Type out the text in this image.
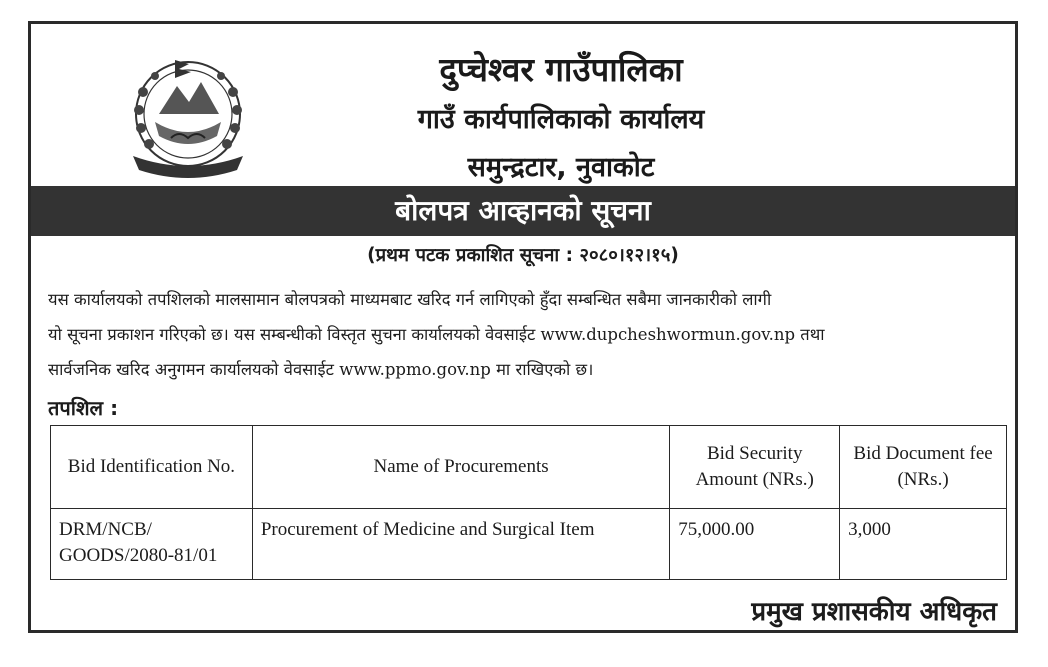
दुप्चेश्वर गाउँपालिका
गाउँ कार्यपालिकाको कार्यालय
समुन्द्रटार, नुवाकोट
बोलपत्र आव्हानको सूचना
(प्रथम पटक प्रकाशित सूचना : २०८०।१२।१५)
यस कार्यालयको तपशिलको मालसामान बोलपत्रको माध्यमबाट खरिद गर्न लागिएको हुँदा सम्बन्धित सबैमा जानकारीको लागी
यो सूचना प्रकाशन गरिएको छ। यस सम्बन्धीको विस्तृत सुचना कार्यालयको वेवसाईट www.dupcheshwormun.gov.np तथा
सार्वजनिक खरिद अनुगमन कार्यालयको वेवसाईट www.ppmo.gov.np मा राखिएको छ।
तपशिल :
Bid Identification No.	Name of Procurements	Bid Security Amount (NRs.)	Bid Document fee (NRs.)
DRM/NCB/ GOODS/2080-81/01	Procurement of Medicine and Surgical Item	75,000.00	3,000
प्रमुख प्रशासकीय अधिकृत
